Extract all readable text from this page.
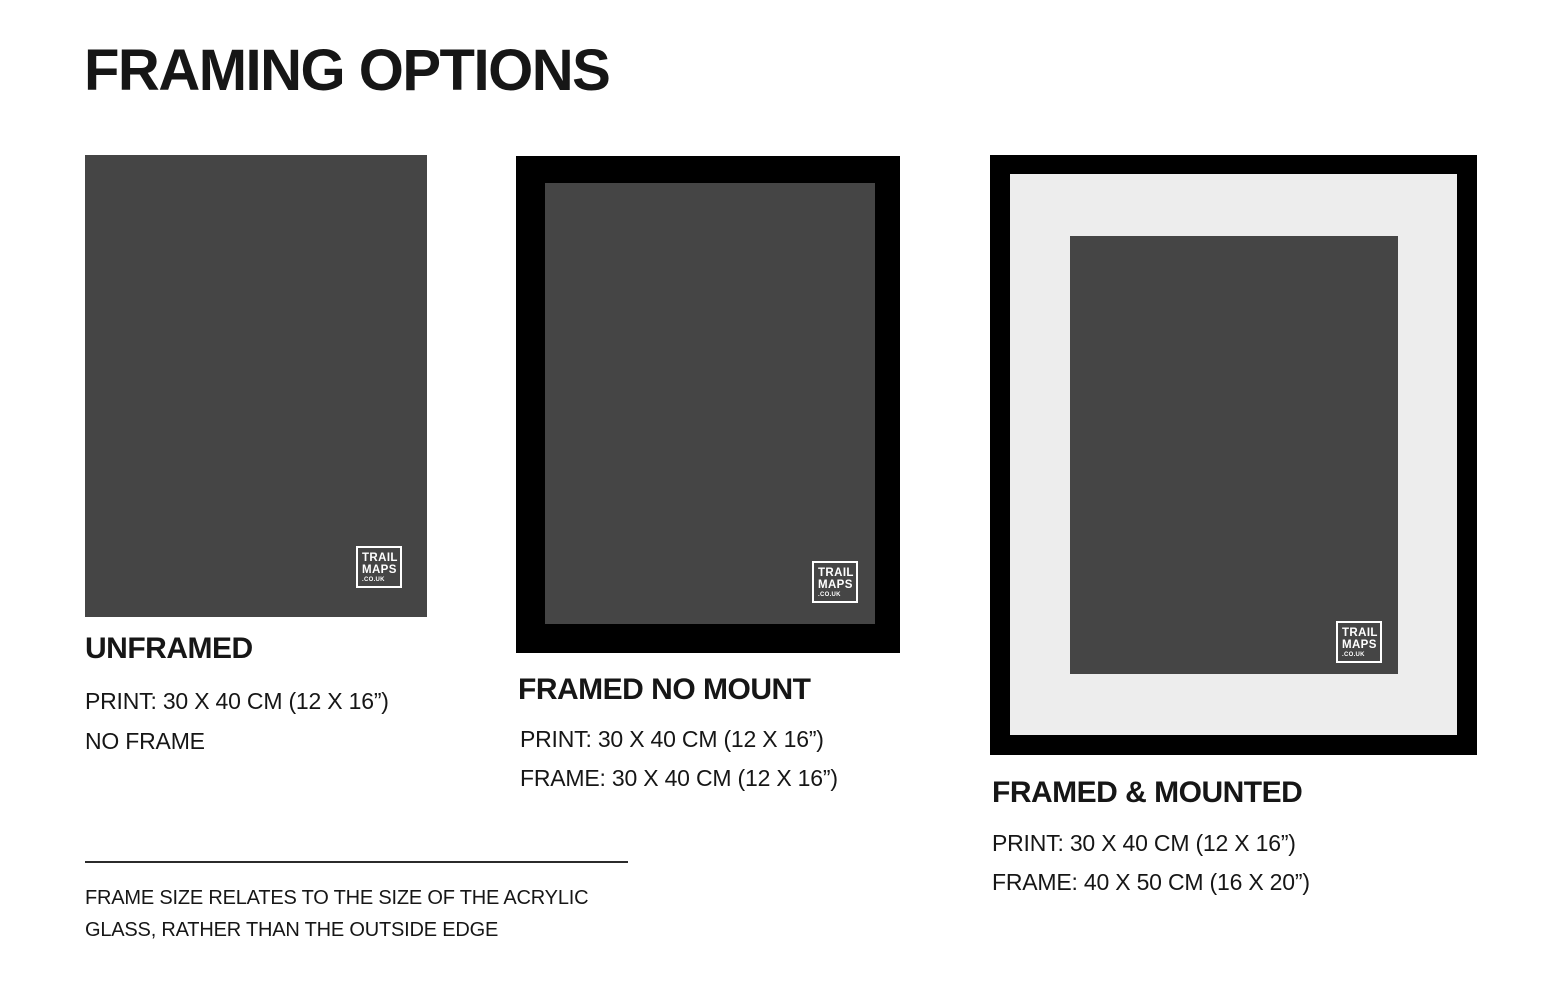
FRAMING OPTIONS
TRAIL
MAPS
.CO.UK
UNFRAMED
PRINT: 30 X 40 CM (12 X 16”)
NO FRAME
TRAIL
MAPS
.CO.UK
FRAMED NO MOUNT
PRINT: 30 X 40 CM (12 X 16”)
FRAME: 30 X 40 CM (12 X 16”)
TRAIL
MAPS
.CO.UK
FRAMED & MOUNTED
PRINT: 30 X 40 CM (12 X 16”)
FRAME: 40 X 50 CM (16 X 20”)
FRAME SIZE RELATES TO THE SIZE OF THE ACRYLIC
GLASS, RATHER THAN THE OUTSIDE EDGE
